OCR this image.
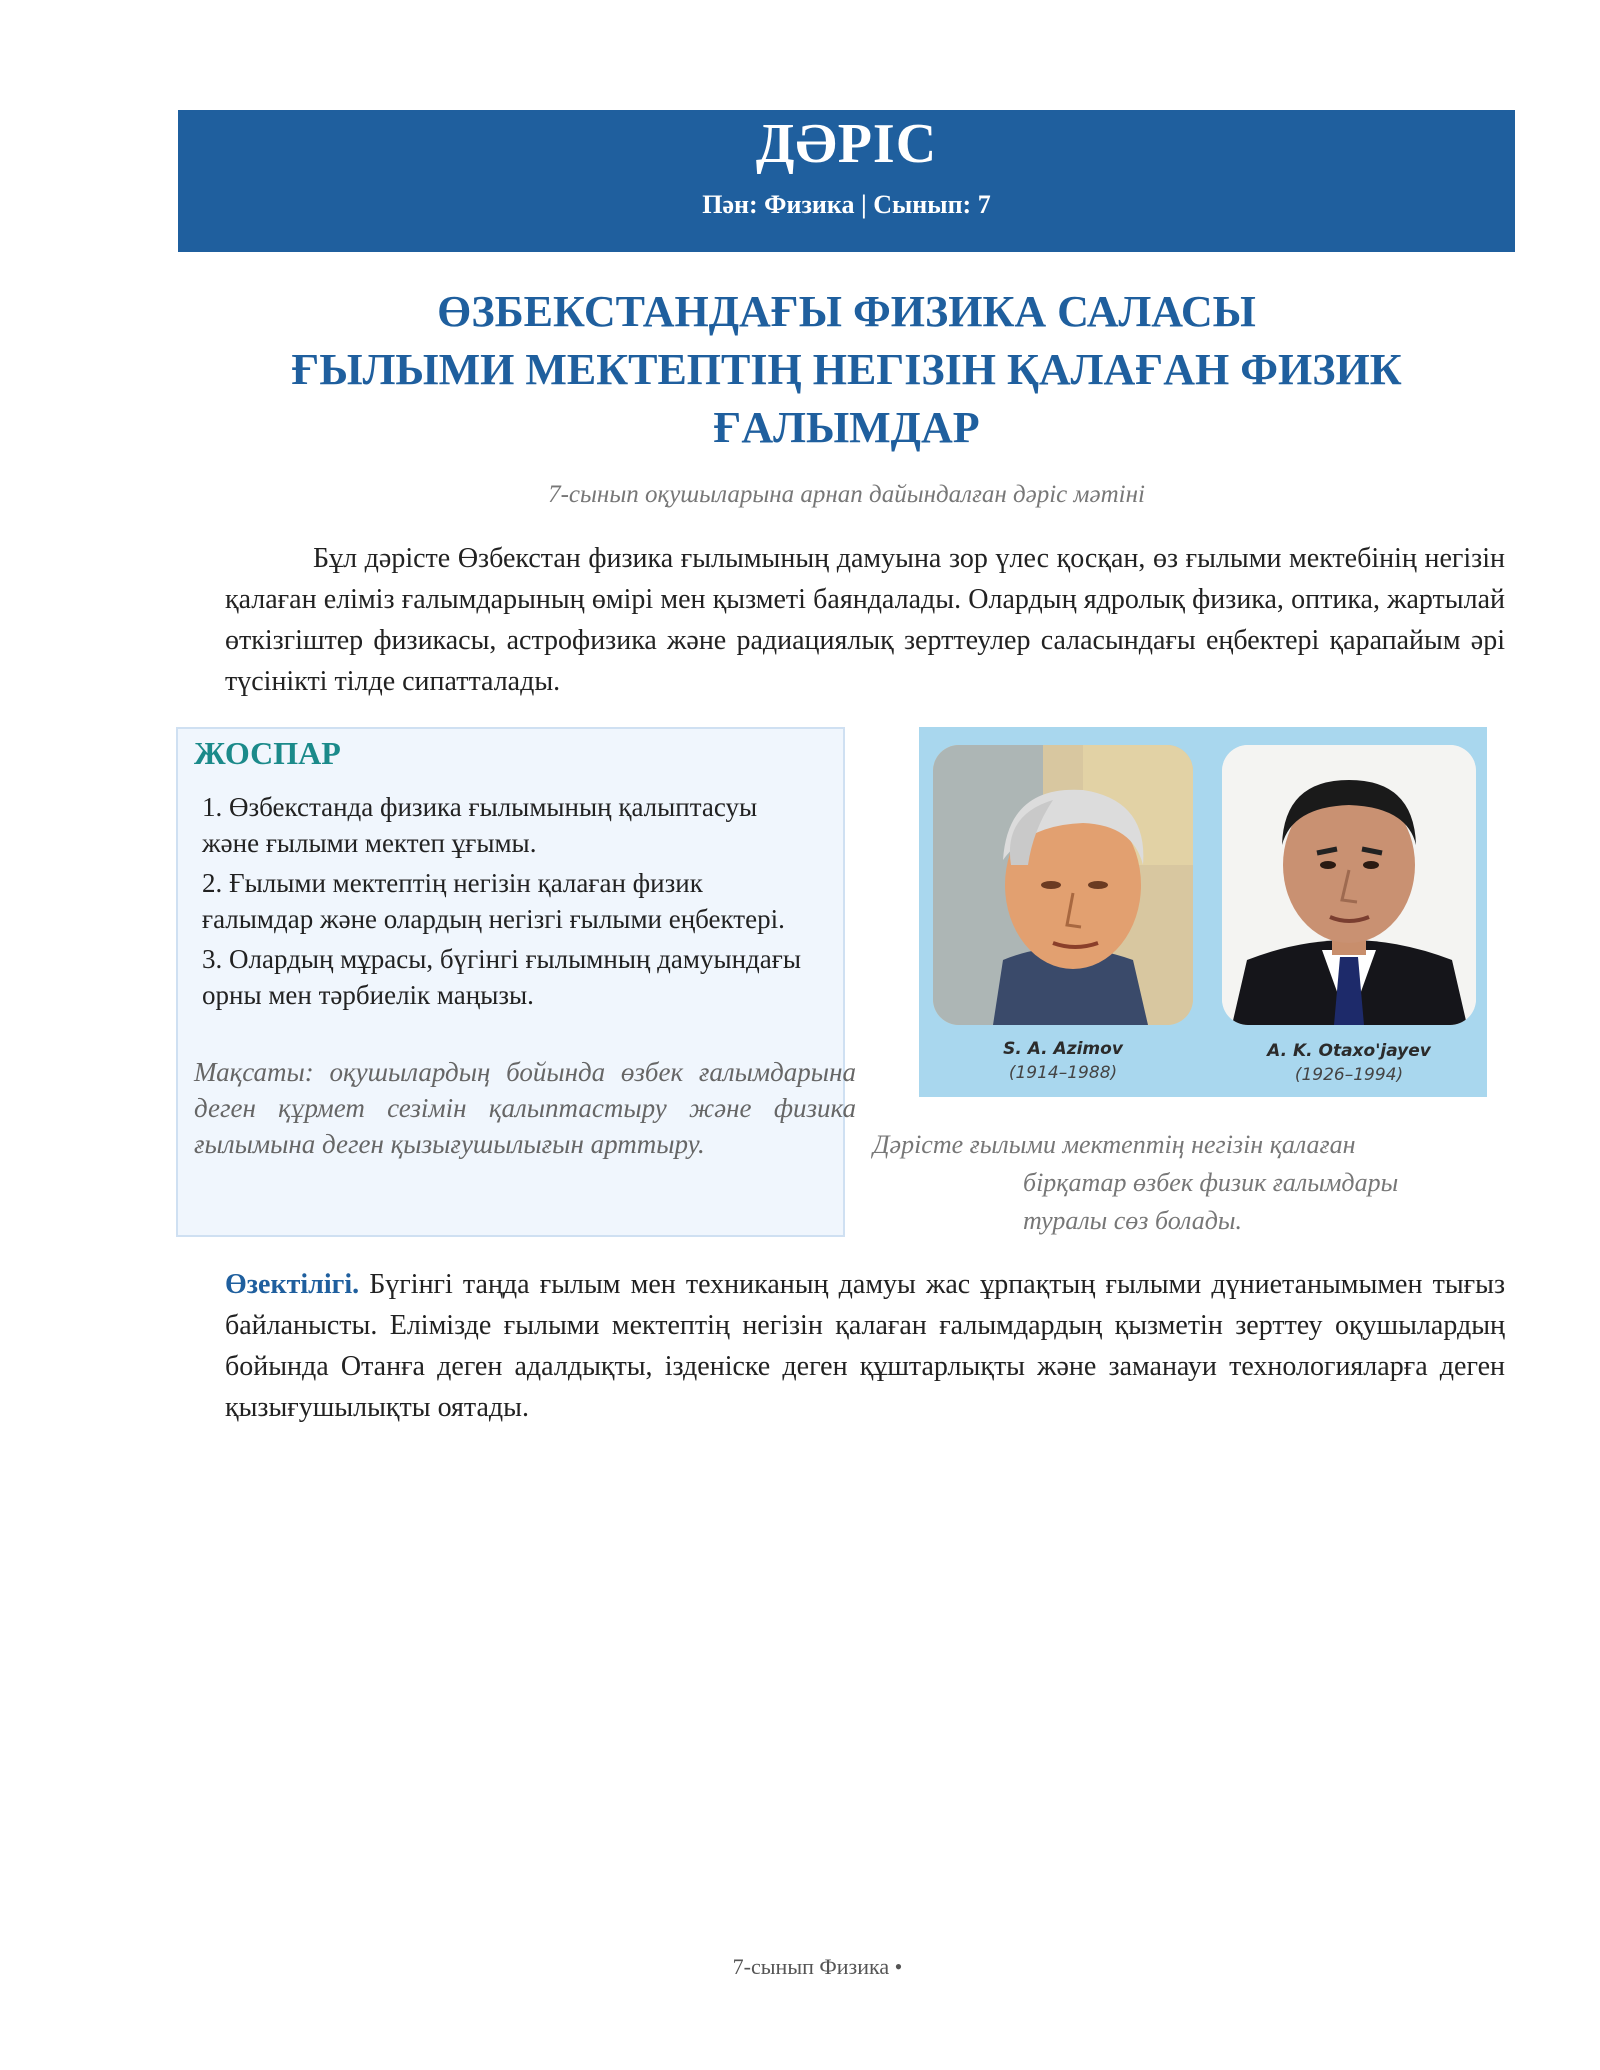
ДӘРІС
Пән: Физика | Сынып: 7
ӨЗБЕКСТАНДАҒЫ ФИЗИКА САЛАСЫ
ҒЫЛЫМИ МЕКТЕПТІҢ НЕГІЗІН ҚАЛАҒАН ФИЗИК
ҒАЛЫМДАР
7-сынып оқушыларына арнап дайындалған дәріс мәтіні
Бұл дәрісте Өзбекстан физика ғылымының дамуына зор үлес қосқан, өз ғылыми мектебінің негізін қалаған еліміз ғалымдарының өмірі мен қызметі баяндалады. Олардың ядролық физика, оптика, жартылай өткізгіштер физикасы, астрофизика және радиациялық зерттеулер саласындағы еңбектері қарапайым әрі түсінікті тілде сипатталады.
ЖОСПАР
1. Өзбекстанда физика ғылымының қалыптасуы және ғылыми мектеп ұғымы.
2. Ғылыми мектептің негізін қалаған физик ғалымдар және олардың негізгі ғылыми еңбектері.
3. Олардың мұрасы, бүгінгі ғылымның дамуындағы орны мен тәрбиелік маңызы.
Мақсаты: оқушылардың бойында өзбек ғалымдарына деген құрмет сезімін қалыптастыру және физика ғылымына деген қызығушылығын арттыру.
S. A. Azimov
(1914–1988)
A. K. Otaxo'jayev
(1926–1994)
Дәрісте ғылыми мектептің негізін қалаған
бірқатар өзбек физик ғалымдары
туралы сөз болады.
Өзектілігі. Бүгінгі таңда ғылым мен техниканың дамуы жас ұрпақтың ғылыми дүниетанымымен тығыз байланысты. Елімізде ғылыми мектептің негізін қалаған ғалымдардың қызметін зерттеу оқушылардың бойында Отанға деген адалдықты, ізденіске деген құштарлықты және заманауи технологияларға деген қызығушылықты оятады.
7-сынып Физика •
